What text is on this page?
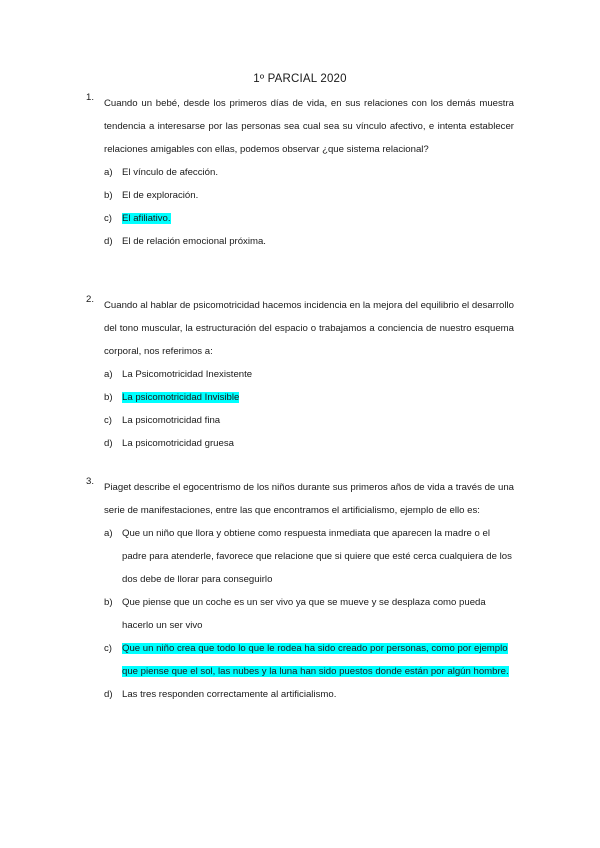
1º PARCIAL 2020
1.
Cuando un bebé, desde los primeros días de vida, en sus relaciones con los demás muestra tendencia a interesarse por las personas sea cual sea su vínculo afectivo, e intenta establecer relaciones amigables con ellas, podemos observar ¿que sistema relacional?
a) El vínculo de afección.
b) El de exploración.
c) El afiliativo.
d) El de relación emocional próxima.
2.
Cuando al hablar de psicomotricidad hacemos incidencia en la mejora del equilibrio el desarrollo del tono muscular, la estructuración del espacio o trabajamos a conciencia de nuestro esquema corporal, nos referimos a:
a) La Psicomotricidad Inexistente
b) La psicomotricidad Invisible
c) La psicomotricidad fina
d) La psicomotricidad gruesa
3.
Piaget describe el egocentrismo de los niños durante sus primeros años de vida a través de una serie de manifestaciones, entre las que encontramos el artificialismo, ejemplo de ello es:
a) Que un niño que llora y obtiene como respuesta inmediata que aparecen la madre o el padre para atenderle, favorece que relacione que si quiere que esté cerca cualquiera de los dos debe de llorar para conseguirlo
b) Que piense que un coche es un ser vivo ya que se mueve y se desplaza como pueda hacerlo un ser vivo
c) Que un niño crea que todo lo que le rodea ha sido creado por personas, como por ejemplo que piense que el sol, las nubes y la luna han sido puestos donde están por algún hombre.
d) Las tres responden correctamente al artificialismo.
